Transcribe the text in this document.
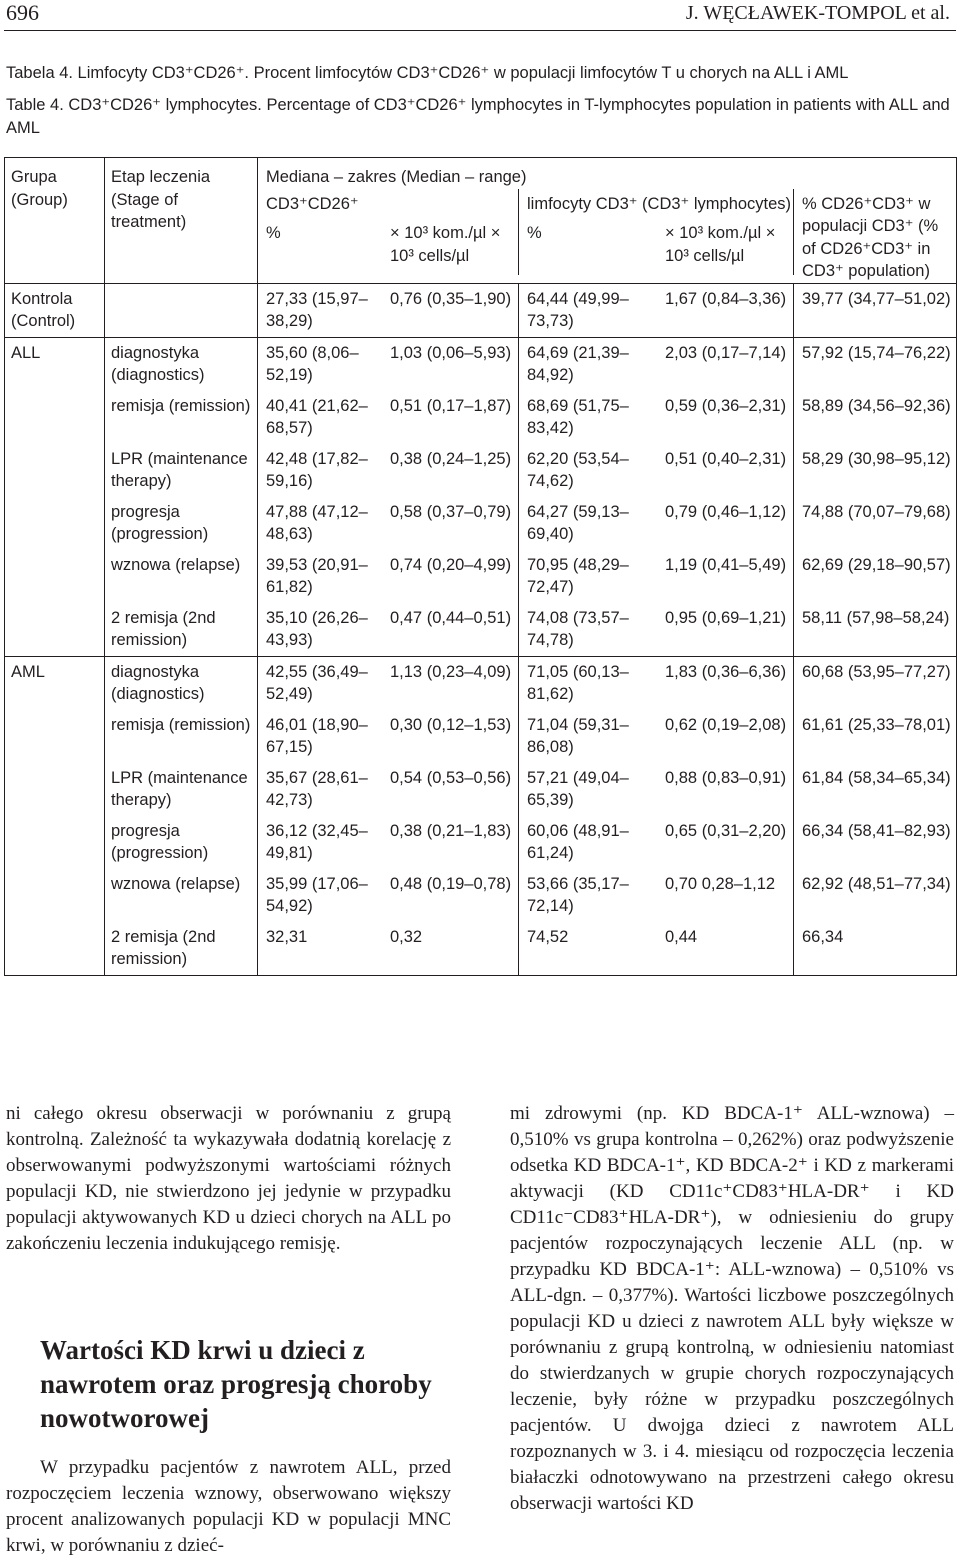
696	J. WĘCŁAWEK-TOMPOL et al.
Tabela 4. Limfocyty CD3⁺CD26⁺. Procent limfocytów CD3⁺CD26⁺ w populacji limfocytów T u chorych na ALL i AML
Table 4. CD3⁺CD26⁺ lymphocytes. Percentage of CD3⁺CD26⁺ lymphocytes in T-lymphocytes population in patients with ALL and AML
Grupa (Group)	Etap leczenia (Stage of treatment)	Mediana – zakres (Median – range)				
		CD3⁺CD26⁺		limfocyty CD3⁺ (CD3⁺ lymphocytes)		% CD26⁺CD3⁺ w populacji CD3⁺ (% of CD26⁺CD3⁺ in CD3⁺ population)
		%	× 10³ kom./µl × 10³ cells/µl	%	× 10³ kom./µl × 10³ cells/µl	

Kontrola (Control)		27,33 (15,97–38,29)	0,76 (0,35–1,90)	64,44 (49,99–73,73)	1,67 (0,84–3,36)	39,77 (34,77–51,02)
ALL	diagnostyka (diagnostics)	35,60 (8,06–52,19)	1,03 (0,06–5,93)	64,69 (21,39–84,92)	2,03 (0,17–7,14)	57,92 (15,74–76,22)
	remisja (remission)	40,41 (21,62–68,57)	0,51 (0,17–1,87)	68,69 (51,75–83,42)	0,59 (0,36–2,31)	58,89 (34,56–92,36)
	LPR (maintenance therapy)	42,48 (17,82–59,16)	0,38 (0,24–1,25)	62,20 (53,54–74,62)	0,51 (0,40–2,31)	58,29 (30,98–95,12)
	progresja (progression)	47,88 (47,12–48,63)	0,58 (0,37–0,79)	64,27 (59,13–69,40)	0,79 (0,46–1,12)	74,88 (70,07–79,68)
	wznowa (relapse)	39,53 (20,91–61,82)	0,74 (0,20–4,99)	70,95 (48,29–72,47)	1,19 (0,41–5,49)	62,69 (29,18–90,57)
	2 remisja (2nd remission)	35,10 (26,26–43,93)	0,47 (0,44–0,51)	74,08 (73,57–74,78)	0,95 (0,69–1,21)	58,11 (57,98–58,24)
AML	diagnostyka (diagnostics)	42,55 (36,49–52,49)	1,13 (0,23–4,09)	71,05 (60,13–81,62)	1,83 (0,36–6,36)	60,68 (53,95–77,27)
	remisja (remission)	46,01 (18,90–67,15)	0,30 (0,12–1,53)	71,04 (59,31–86,08)	0,62 (0,19–2,08)	61,61 (25,33–78,01)
	LPR (maintenance therapy)	35,67 (28,61–42,73)	0,54 (0,53–0,56)	57,21 (49,04–65,39)	0,88 (0,83–0,91)	61,84 (58,34–65,34)
	progresja (progression)	36,12 (32,45–49,81)	0,38 (0,21–1,83)	60,06 (48,91–61,24)	0,65 (0,31–2,20)	66,34 (58,41–82,93)
	wznowa (relapse)	35,99 (17,06–54,92)	0,48 (0,19–0,78)	53,66 (35,17–72,14)	0,70 0,28–1,12	62,92 (48,51–77,34)
	2 remisja (2nd remission)	32,31	0,32	74,52	0,44	66,34
ni całego okresu obserwacji w porównaniu z grupą kontrolną. Zależność ta wykazywała dodatnią korelację z obserwowanymi podwyższonymi wartościami różnych populacji KD, nie stwierdzono jej jedynie w przypadku populacji aktywowanych KD u dzieci chorych na ALL po zakończeniu leczenia indukującego remisję.
Wartości KD krwi u dzieci z nawrotem oraz progresją choroby nowotworowej
W przypadku pacjentów z nawrotem ALL, przed rozpoczęciem leczenia wznowy, obserwowano większy procent analizowanych populacji KD w populacji MNC krwi, w porównaniu z dzieć-
mi zdrowymi (np. KD BDCA-1⁺ ALL-wznowa) – 0,510% vs grupa kontrolna – 0,262%) oraz podwyższenie odsetka KD BDCA-1⁺, KD BDCA-2⁺ i KD z markerami aktywacji (KD CD11c⁺CD83⁺HLA-DR⁺ i KD CD11c⁻CD83⁺HLA-DR⁺), w odniesieniu do grupy pacjentów rozpoczynających leczenie ALL (np. w przypadku KD BDCA-1⁺: ALL-wznowa) – 0,510% vs ALL-dgn. – 0,377%). Wartości liczbowe poszczególnych populacji KD u dzieci z nawrotem ALL były większe w porównaniu z grupą kontrolną, w odniesieniu natomiast do stwierdzanych w grupie chorych rozpoczynających leczenie, były różne w przypadku poszczególnych pacjentów. U dwojga dzieci z nawrotem ALL rozpoznanych w 3. i 4. miesiącu od rozpoczęcia leczenia białaczki odnotowywano na przestrzeni całego okresu obserwacji wartości KD
